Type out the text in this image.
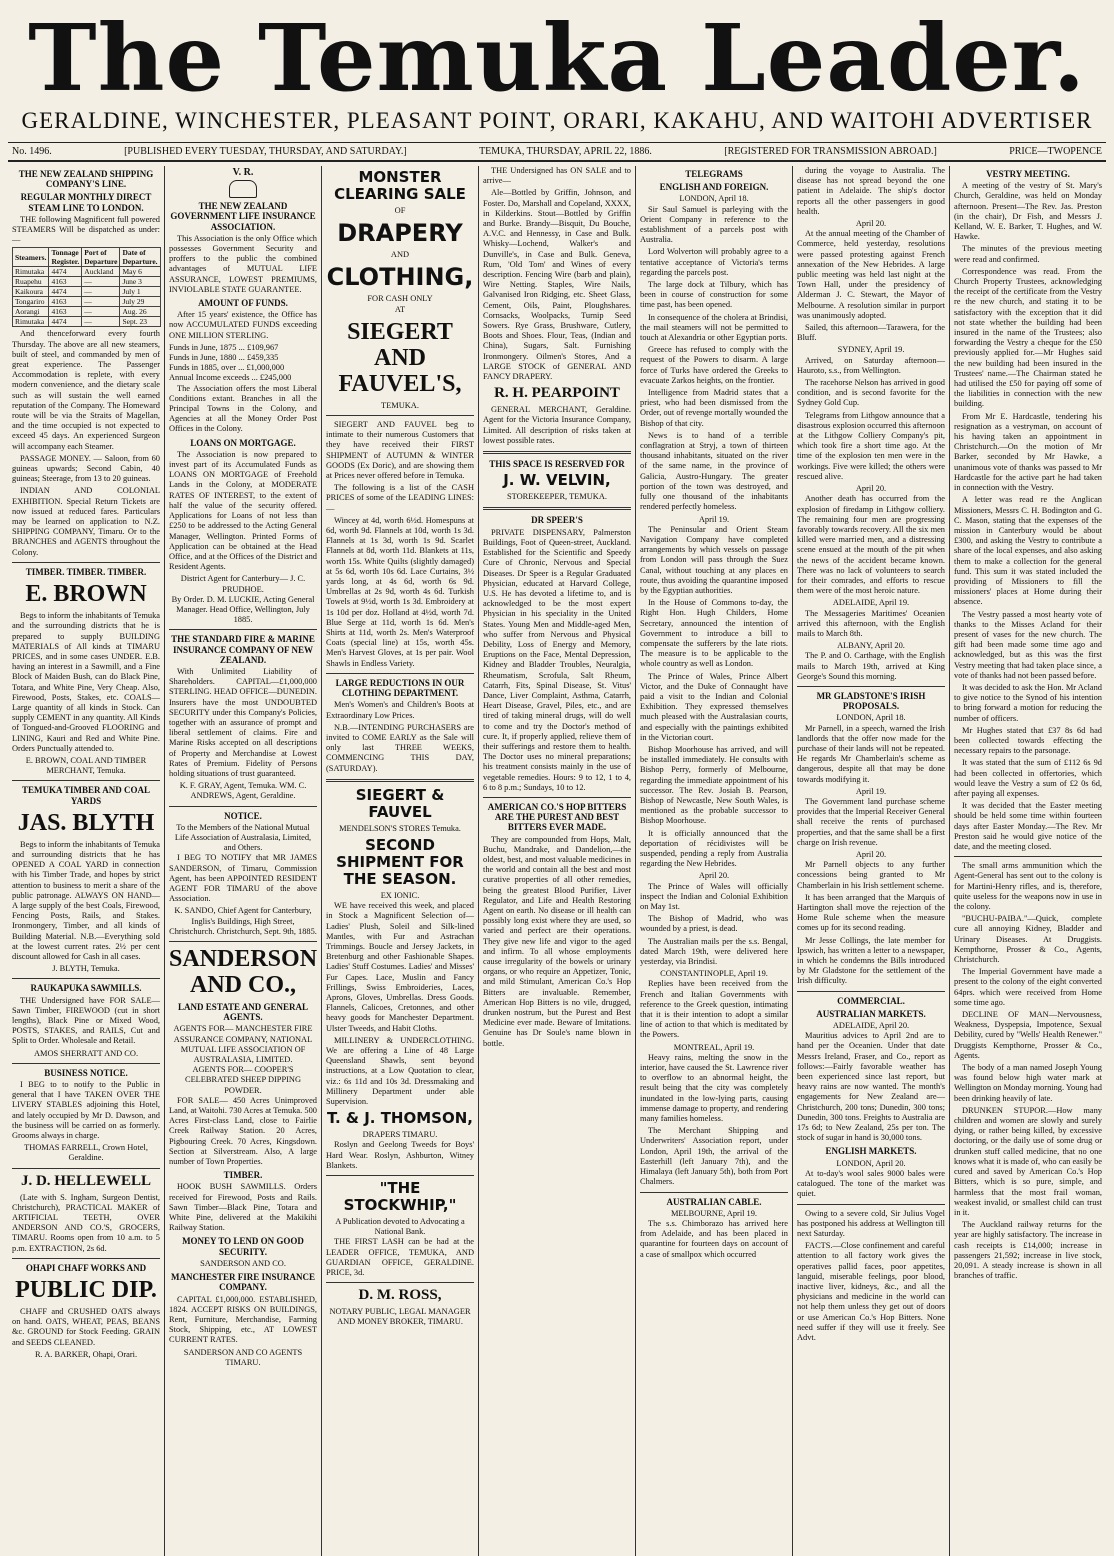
The Temuka Leader.
GERALDINE, WINCHESTER, PLEASANT POINT, ORARI, KAKAHU, AND WAITOHI ADVERTISER
No. 1496.	[PUBLISHED EVERY TUESDAY, THURSDAY, AND SATURDAY.]	TEMUKA, THURSDAY, APRIL 22, 1886.	[REGISTERED FOR TRANSMISSION ABROAD.]	PRICE—TWOPENCE
THE NEW ZEALAND SHIPPING COMPANY'S LINE.
REGULAR MONTHLY DIRECT STEAM LINE TO LONDON.

THE following Magnificent full powered STEAMERS Will be dispatched as under:—

Steamers.	Tonnage Register.	Port of Departure	Date of Departure.
Rimutaka	4474	Auckland	May 6
Ruapehu	4163	—	June 3
Kaikoura	4474	—	July 1
Tongariro	4163	—	July 29
Aorangi	4163	—	Aug. 26
Rimutaka	4474	—	Sept. 23

And thenceforward every fourth Thursday. The above are all new steamers, built of steel, and commanded by men of great experience. The Passenger Accommodation is replete, with every modern convenience, and the dietary scale such as will sustain the well earned reputation of the Company. The Homeward route will be via the Straits of Magellan, and the time occupied is not expected to exceed 45 days. An experienced Surgeon will accompany each Steamer.

PASSAGE MONEY. — Saloon, from 60 guineas upwards; Second Cabin, 40 guineas; Steerage, from 13 to 20 guineas.

INDIAN AND COLONIAL EXHIBITION. Special Return Tickets are now issued at reduced fares. Particulars may be learned on application to N.Z. SHIPPING COMPANY, Timaru. Or to the BRANCHES and AGENTS throughout the Colony.

TIMBER. TIMBER. TIMBER.
E. BROWN

Begs to inform the inhabitants of Temuka and the surrounding districts that he is prepared to supply BUILDING MATERIALS of All kinds at TIMARU PRICES, and in some cases UNDER. E.B. having an interest in a Sawmill, and a Fine Block of Maiden Bush, can do Black Pine, Totara, and White Pine, Very Cheap. Also, Firewood, Posts, Stakes, etc. COALS—Large quantity of all kinds in Stock. Can supply CEMENT in any quantity. All Kinds of Tongued-and-Grooved FLOORING and LINING, Kauri and Red and White Pine. Orders Punctually attended to.

E. BROWN, COAL AND TIMBER MERCHANT, Temuka.
TEMUKA TIMBER AND COAL YARDS
JAS. BLYTH

Begs to inform the inhabitants of Temuka and surrounding districts that he has OPENED A COAL YARD in connection with his Timber Trade, and hopes by strict attention to business to merit a share of the public patronage. ALWAYS ON HAND— A large supply of the best Coals, Firewood, Fencing Posts, Rails, and Stakes. Ironmongery, Timber, and all kinds of Building Material. N.B.—Everything sold at the lowest current rates. 2½ per cent discount allowed for Cash in all cases.

J. BLYTH, Temuka.
RAUKAPUKA SAWMILLS.

THE Undersigned have FOR SALE— Sawn Timber, FIREWOOD (cut in short lengths), Black Pine or Mixed Wood, POSTS, STAKES, and RAILS, Cut and Split to Order. Wholesale and Retail.

AMOS SHERRATT AND CO.
BUSINESS NOTICE.

I BEG to to notify to the Public in general that I have TAKEN OVER THE LIVERY STABLES adjoining this Hotel, and lately occupied by Mr D. Dawson, and the business will be carried on as formerly. Grooms always in charge.

THOMAS FARRELL, Crown Hotel, Geraldine.
J. D. HELLEWELL

(Late with S. Ingham, Surgeon Dentist, Christchurch), PRACTICAL MAKER of ARTIFICIAL TEETH, OVER ANDERSON AND CO.'S, GROCERS, TIMARU. Rooms open from 10 a.m. to 5 p.m. EXTRACTION, 2s 6d.

OHAPI CHAFF WORKS AND
PUBLIC DIP.

CHAFF and CRUSHED OATS always on hand. OATS, WHEAT, PEAS, BEANS &c. GROUND for Stock Feeding. GRAIN and SEEDS CLEANED.

R. A. BARKER, Ohapi, Orari.
V. R.
THE NEW ZEALAND GOVERNMENT LIFE INSURANCE ASSOCIATION.

This Association is the only Office which possesses Government Security and proffers to the public the combined advantages of MUTUAL LIFE ASSURANCE, LOWEST PREMIUMS, INVIOLABLE STATE GUARANTEE.

AMOUNT OF FUNDS.

After 15 years' existence, the Office has now ACCUMULATED FUNDS exceeding ONE MILLION STERLING.

Funds in June, 1875 ... £109,967
Funds in June, 1880 ... £459,335
Funds in 1885, over ... £1,000,000
Annual Income exceeds ... £245,000

The Association offers the most Liberal Conditions extant. Branches in all the Principal Towns in the Colony, and Agencies at all the Money Order Post Offices in the Colony.

LOANS ON MORTGAGE.

The Association is now prepared to invest part of its Accumulated Funds as LOANS ON MORTGAGE of Freehold Lands in the Colony, at MODERATE RATES OF INTEREST, to the extent of half the value of the security offered. Applications for Loans of not less than £250 to be addressed to the Acting General Manager, Wellington. Printed Forms of Application can be obtained at the Head Office, and at the Offices of the District and Resident Agents.

District Agent for Canterbury— J. C. PRUDHOE.
By Order. D. M. LUCKIE, Acting General Manager. Head Office, Wellington, July 1885.
THE STANDARD FIRE & MARINE INSURANCE COMPANY OF NEW ZEALAND.

With Unlimited Liability of Shareholders. CAPITAL—£1,000,000 STERLING. HEAD OFFICE—DUNEDIN. Insurers have the most UNDOUBTED SECURITY under this Company's Policies, together with an assurance of prompt and liberal settlement of claims. Fire and Marine Risks accepted on all descriptions of Property and Merchandise at Lowest Rates of Premium. Fidelity of Persons holding situations of trust guaranteed.

K. F. GRAY, Agent, Temuka. WM. C. ANDREWS, Agent, Geraldine.
NOTICE.
To the Members of the National Mutual Life Association of Australasia, Limited, and Others.

I BEG TO NOTIFY that MR JAMES SANDERSON, of Timaru, Commission Agent, has been APPOINTED RESIDENT AGENT FOR TIMARU of the above Association.

K. SANDO, Chief Agent for Canterbury, Inglis's Buildings, High Street, Christchurch. Christchurch, Sept. 9th, 1885.
SANDERSON AND CO.,
LAND ESTATE AND GENERAL AGENTS.
AGENTS FOR— MANCHESTER FIRE ASSURANCE COMPANY, NATIONAL MUTUAL LIFE ASSOCIATION OF AUSTRALASIA, LIMITED.
AGENTS FOR— COOPER'S CELEBRATED SHEEP DIPPING POWDER.

FOR SALE— 450 Acres Unimproved Land, at Waitohi. 730 Acres at Temuka. 500 Acres First-class Land, close to Fairlie Creek Railway Station. 20 Acres, Pigbouring Creek. 70 Acres, Kingsdown. Section at Silverstream. Also, A large number of Town Properties.

TIMBER.

HOOK BUSH SAWMILLS. Orders received for Firewood, Posts and Rails. Sawn Timber—Black Pine, Totara and White Pine, delivered at the Makikihi Railway Station.

MONEY TO LEND ON GOOD SECURITY.
SANDERSON AND CO.
MANCHESTER FIRE INSURANCE COMPANY.

CAPITAL £1,000,000. ESTABLISHED, 1824. ACCEPT RISKS ON BUILDINGS, Rent, Furniture, Merchandise, Farming Stock, Shipping, etc., AT LOWEST CURRENT RATES.

SANDERSON AND CO AGENTS TIMARU.
MONSTER CLEARING SALE
OF
DRAPERY
AND
CLOTHING,
FOR CASH ONLY
AT
SIEGERT AND FAUVEL'S,
TEMUKA.

SIEGERT AND FAUVEL beg to intimate to their numerous Customers that they have received their FIRST SHIPMENT of AUTUMN & WINTER GOODS (Ex Doric), and are showing them at Prices never offered before in Temuka.

The following is a list of the CASH PRICES of some of the LEADING LINES:—

Wincey at 4d, worth 6½d. Homespuns at 6d, worth 9d. Flannels at 10d, worth 1s 3d. Flannels at 1s 3d, worth 1s 9d. Scarlet Flannels at 8d, worth 11d. Blankets at 11s, worth 15s. White Quilts (slightly damaged) at 5s 6d, worth 10s 6d. Lace Curtains, 3½ yards long, at 4s 6d, worth 6s 9d. Umbrellas at 2s 9d, worth 4s 6d. Turkish Towels at 9½d, worth 1s 3d. Embroidery at 1s 10d per doz. Holland at 4½d, worth 7d. Blue Serge at 11d, worth 1s 6d. Men's Shirts at 11d, worth 2s. Men's Waterproof Coats (special line) at 15s, worth 45s. Men's Harvest Gloves, at 1s per pair. Wool Shawls in Endless Variety.

LARGE REDUCTIONS IN OUR CLOTHING DEPARTMENT.

Men's Women's and Children's Boots at Extraordinary Low Prices.

N.B.—INTENDING PURCHASERS are invited to COME EARLY as the Sale will only last THREE WEEKS, COMMENCING THIS DAY, (SATURDAY).

SIEGERT & FAUVEL
MENDELSON'S STORES Temuka.
SECOND SHIPMENT FOR THE SEASON.
EX IONIC.

WE have received this week, and placed in Stock a Magnificent Selection of— Ladies' Plush, Soleil and Silk-lined Mantles, with Fur and Astrachan Trimmings. Boucle and Jersey Jackets, in Bretenburg and other Fashionable Shapes. Ladies' Stuff Costumes. Ladies' and Misses' Fur Capes. Lace, Muslin and Fancy Frillings, Swiss Embroideries, Laces, Aprons, Gloves, Umbrellas. Dress Goods. Flannels, Calicoes, Cretonnes, and other heavy goods for Manchester Department. Ulster Tweeds, and Habit Cloths.

MILLINERY & UNDERCLOTHING. We are offering a Line of 48 Large Queensland Shawls, sent beyond instructions, at a Low Quotation to clear, viz.: 6s 11d and 10s 3d. Dressmaking and Millinery Department under able Supervision.

T. & J. THOMSON,
DRAPERS TIMARU.

Roslyn and Geelong Tweeds for Boys' Hard Wear. Roslyn, Ashburton, Witney Blankets.

"THE STOCKWHIP,"
A Publication devoted to Advocating a National Bank.

THE FIRST LASH can be had at the LEADER OFFICE, TEMUKA, AND GUARDIAN OFFICE, GERALDINE. PRICE, 3d.

D. M. ROSS,
NOTARY PUBLIC, LEGAL MANAGER AND MONEY BROKER, TIMARU.

THE Undersigned has ON SALE and to arrive—

Ale—Bottled by Griffin, Johnson, and Foster. Do, Marshall and Copeland, XXXX, in Kilderkins. Stout—Bottled by Griffin and Burke. Brandy—Bisquit, Du Bouche, A.V.C. and Hennessy, in Case and Bulk. Whisky—Lochend, Walker's and Dunville's, in Case and Bulk. Geneva, Rum, 'Old Tom' and Wines of every description. Fencing Wire (barb and plain), Wire Netting. Staples, Wire Nails, Galvanised Iron Ridging, etc. Sheet Glass, Cement, Oils, Paint, Ploughshares. Cornsacks, Woolpacks, Turnip Seed Sowers. Rye Grass, Brushware, Cutlery, Boots and Shoes. Flour, Teas, (Indian and China), Sugars, Salt. Furnishing Ironmongery. Oilmen's Stores, And a LARGE STOCK of GENERAL AND FANCY DRAPERY.

R. H. PEARPOINT

GENERAL MERCHANT, Geraldine. Agent for the Victoria Insurance Company, Limited. All description of risks taken at lowest possible rates.

THIS SPACE IS RESERVED FOR
J. W. VELVIN,
STOREKEEPER, TEMUKA.
DR SPEER'S

PRIVATE DISPENSARY, Palmerston Buildings, Foot of Queen-street, Auckland. Established for the Scientific and Speedy Cure of Chronic, Nervous and Special Diseases. Dr Speer is a Regular Graduated Physician, educated at Harvard College, U.S. He has devoted a lifetime to, and is acknowledged to be the most expert Physician in his speciality in the United States. Young Men and Middle-aged Men, who suffer from Nervous and Physical Debility, Loss of Energy and Memory, Eruptions on the Face, Mental Depression, Kidney and Bladder Troubles, Neuralgia, Rheumatism, Scrofula, Salt Rheum, Catarrh, Fits, Spinal Disease, St. Vitus' Dance, Liver Complaint, Asthma, Catarrh, Heart Disease, Gravel, Piles, etc., and are tired of taking mineral drugs, will do well to come and try the Doctor's method of cure. It, if properly applied, relieve them of their sufferings and restore them to health. The Doctor uses no mineral preparations; his treatment consists mainly in the use of vegetable remedies. Hours: 9 to 12, 1 to 4, 6 to 8 p.m.; Sundays, 10 to 12.

AMERICAN CO.'S HOP BITTERS ARE THE PUREST AND BEST BITTERS EVER MADE.

They are compounded from Hops, Malt, Buchu, Mandrake, and Dandelion,—the oldest, best, and most valuable medicines in the world and contain all the best and most curative properties of all other remedies, being the greatest Blood Purifier, Liver Regulator, and Life and Health Restoring Agent on earth. No disease or ill health can possibly long exist where they are used, so varied and perfect are their operations. They give new life and vigor to the aged and infirm. To all whose employments cause irregularity of the bowels or urinary organs, or who require an Appetizer, Tonic, and mild Stimulant, American Co.'s Hop Bitters are invaluable. Remember, American Hop Bitters is no vile, drugged, drunken nostrum, but the Purest and Best Medicine ever made. Beware of Imitations. Genuine has Dr Soule's name blown in bottle.

TELEGRAMS
ENGLISH AND FOREIGN.
LONDON, April 18.

Sir Saul Samuel is parleying with the Orient Company in reference to the establishment of a parcels post with Australia.

Lord Wolverton will probably agree to a tentative acceptance of Victoria's terms regarding the parcels post.

The large dock at Tilbury, which has been in course of construction for some time past, has been opened.

In consequence of the cholera at Brindisi, the mail steamers will not be permitted to touch at Alexandria or other Egyptian ports.

Greece has refused to comply with the request of the Powers to disarm. A large force of Turks have ordered the Greeks to evacuate Zarkos heights, on the frontier.

Intelligence from Madrid states that a priest, who had been dismissed from the Order, out of revenge mortally wounded the Bishop of that city.

News is to hand of a terrible conflagration at Stryj, a town of thirteen thousand inhabitants, situated on the river of the same name, in the province of Galicia, Austro-Hungary. The greater portion of the town was destroyed, and fully one thousand of the inhabitants rendered perfectly homeless.

April 19.

The Peninsular and Orient Steam Navigation Company have completed arrangements by which vessels on passage from London will pass through the Suez Canal, without touching at any places en route, thus avoiding the quarantine imposed by the Egyptian authorities.

In the House of Commons to-day, the Right Hon. Hugh Childers, Home Secretary, announced the intention of Government to introduce a bill to compensate the sufferers by the late riots. The measure is to be applicable to the whole country as well as London.

The Prince of Wales, Prince Albert Victor, and the Duke of Connaught have paid a visit to the Indian and Colonial Exhibition. They expressed themselves much pleased with the Australasian courts, and especially with the paintings exhibited in the Victorian court.

Bishop Moorhouse has arrived, and will be installed immediately. He consults with Bishop Perry, formerly of Melbourne, regarding the immediate appointment of his successor. The Rev. Josiah B. Pearson, Bishop of Newcastle, New South Wales, is mentioned as the probable successor to Bishop Moorhouse.

It is officially announced that the deportation of récidivistes will be suspended, pending a reply from Australia regarding the New Hebrides.

April 20.

The Prince of Wales will officially inspect the Indian and Colonial Exhibition on May 1st.

The Bishop of Madrid, who was wounded by a priest, is dead.

The Australian mails per the s.s. Bengal, dated March 19th, were delivered here yesterday, via Brindisi.

CONSTANTINOPLE, April 19.

Replies have been received from the French and Italian Governments with reference to the Greek question, intimating that it is their intention to adopt a similar line of action to that which is meditated by the Powers.

MONTREAL, April 19.

Heavy rains, melting the snow in the interior, have caused the St. Lawrence river to overflow to an abnormal height, the result being that the city was completely inundated in the low-lying parts, causing immense damage to property, and rendering many families homeless.

The Merchant Shipping and Underwriters' Association report, under London, April 19th, the arrival of the Easterhill (left January 7th), and the Himalaya (left January 5th), both from Port Chalmers.

AUSTRALIAN CABLE.
MELBOURNE, April 19.

The s.s. Chimborazo has arrived here from Adelaide, and has been placed in quarantine for fourteen days on account of a case of smallpox which occurred

during the voyage to Australia. The disease has not spread beyond the one patient in Adelaide. The ship's doctor reports all the other passengers in good health.

April 20.

At the annual meeting of the Chamber of Commerce, held yesterday, resolutions were passed protesting against French annexation of the New Hebrides. A large public meeting was held last night at the Town Hall, under the presidency of Alderman J. C. Stewart, the Mayor of Melbourne. A resolution similar in purport was unanimously adopted.

Sailed, this afternoon—Tarawera, for the Bluff.

SYDNEY, April 19.

Arrived, on Saturday afternoon—Hauroto, s.s., from Wellington.

The racehorse Nelson has arrived in good condition, and is second favorite for the Sydney Gold Cup.

Telegrams from Lithgow announce that a disastrous explosion occurred this afternoon at the Lithgow Colliery Company's pit, which took fire a short time ago. At the time of the explosion ten men were in the workings. Five were killed; the others were rescued alive.

April 20.

Another death has occurred from the explosion of firedamp in Lithgow colliery. The remaining four men are progressing favorably towards recovery. All the six men killed were married men, and a distressing scene ensued at the mouth of the pit when the news of the accident became known. There was no lack of volunteers to search for their comrades, and efforts to rescue them were of the most heroic nature.

ADELAIDE, April 19.

The Messageries Maritimes' Oceanien arrived this afternoon, with the English mails to March 8th.

ALBANY, April 20.

The P. and O. Carthage, with the English mails to March 19th, arrived at King George's Sound this morning.

MR GLADSTONE'S IRISH PROPOSALS.
LONDON, April 18.

Mr Parnell, in a speech, warned the Irish landlords that the offer now made for the purchase of their lands will not be repeated. He regards Mr Chamberlain's scheme as dangerous, despite all that may be done towards modifying it.

April 19.

The Government land purchase scheme provides that the Imperial Receiver General shall receive the rents of purchased properties, and that the same shall be a first charge on Irish revenue.

April 20.

Mr Parnell objects to any further concessions being granted to Mr Chamberlain in his Irish settlement scheme.

It has been arranged that the Marquis of Hartington shall move the rejection of the Home Rule scheme when the measure comes up for its second reading.

Mr Jesse Collings, the late member for Ipswich, has written a letter to a newspaper, in which he condemns the Bills introduced by Mr Gladstone for the settlement of the Irish difficulty.

COMMERCIAL.
AUSTRALIAN MARKETS.
ADELAIDE, April 20.

Mauritius advices to April 2nd are to hand per the Oceanien. Under that date Messrs Ireland, Fraser, and Co., report as follows:—Fairly favorable weather has been experienced since last report, but heavy rains are now wanted. The month's engagements for New Zealand are—Christchurch, 200 tons; Dunedin, 300 tons; Dunedin, 300 tons. Freights to Australia are 17s 6d; to New Zealand, 25s per ton. The stock of sugar in hand is 30,000 tons.

ENGLISH MARKETS.
LONDON, April 20.

At to-day's wool sales 9000 bales were catalogued. The tone of the market was quiet.

Owing to a severe cold, Sir Julius Vogel has postponed his address at Wellington till next Saturday.

FACTS.—Close confinement and careful attention to all factory work gives the operatives pallid faces, poor appetites, languid, miserable feelings, poor blood, inactive liver, kidneys, &c., and all the physicians and medicine in the world can not help them unless they get out of doors or use American Co.'s Hop Bitters. None need suffer if they will use it freely. See Advt.

VESTRY MEETING.

A meeting of the vestry of St. Mary's Church, Geraldine, was held on Monday afternoon. Present—The Rev. Jas. Preston (in the chair), Dr Fish, and Messrs J. Kelland, W. E. Barker, T. Hughes, and W. Hawke.

The minutes of the previous meeting were read and confirmed.

Correspondence was read. From the Church Property Trustees, acknowledging the receipt of the certificate from the Vestry re the new church, and stating it to be satisfactory with the exception that it did not state whether the building had been insured in the name of the Trustees; also forwarding the Vestry a cheque for the £50 previously applied for.—Mr Hughes said the new building had been insured in the Trustees' name.—The Chairman stated he had utilised the £50 for paying off some of the liabilities in connection with the new building.

From Mr E. Hardcastle, tendering his resignation as a vestryman, on account of his having taken an appointment in Christchurch.—On the motion of Mr Barker, seconded by Mr Hawke, a unanimous vote of thanks was passed to Mr Hardcastle for the active part he had taken in connection with the Vestry.

A letter was read re the Anglican Missioners, Messrs C. H. Bodington and G. C. Mason, stating that the expenses of the mission in Canterbury would be about £300, and asking the Vestry to contribute a share of the local expenses, and also asking them to make a collection for the general fund. This sum it was stated included the providing of Missioners to fill the missioners' places at Home during their absence.

The Vestry passed a most hearty vote of thanks to the Misses Acland for their present of vases for the new church. The gift had been made some time ago and acknowledged, but as this was the first Vestry meeting that had taken place since, a vote of thanks had not been passed before.

It was decided to ask the Hon. Mr Acland to give notice to the Synod of his intention to bring forward a motion for reducing the number of officers.

Mr Hughes stated that £37 8s 6d had been collected towards effecting the necessary repairs to the parsonage.

It was stated that the sum of £112 6s 9d had been collected in offertories, which would leave the Vestry a sum of £2 0s 6d, after paying all expenses.

It was decided that the Easter meeting should be held some time within fourteen days after Easter Monday.—The Rev. Mr Preston said he would give notice of the date, and the meeting closed.

The small arms ammunition which the Agent-General has sent out to the colony is for Martini-Henry rifles, and is, therefore, quite useless for the weapons now in use in the colony.

"BUCHU-PAIBA."—Quick, complete cure all annoying Kidney, Bladder and Urinary Diseases. At Druggists. Kempthorne, Prosser & Co., Agents, Christchurch.

The Imperial Government have made a present to the colony of the eight converted 64prs. which were received from Home some time ago.

DECLINE OF MAN—Nervousness, Weakness, Dyspepsia, Impotence, Sexual Debility, cured by "Wells' Health Renewer." Druggists Kempthorne, Prosser & Co., Agents.

The body of a man named Joseph Young was found below high water mark at Wellington on Monday morning. Young had been drinking heavily of late.

DRUNKEN STUPOR.—How many children and women are slowly and surely dying, or rather being killed, by excessive doctoring, or the daily use of some drug or drunken stuff called medicine, that no one knows what it is made of, who can easily be cured and saved by American Co.'s Hop Bitters, which is so pure, simple, and harmless that the most frail woman, weakest invalid, or smallest child can trust in it.

The Auckland railway returns for the year are highly satisfactory. The increase in cash receipts is £14,000; increase in passengers 21,592; increase in live stock, 20,091. A steady increase is shown in all branches of traffic.
